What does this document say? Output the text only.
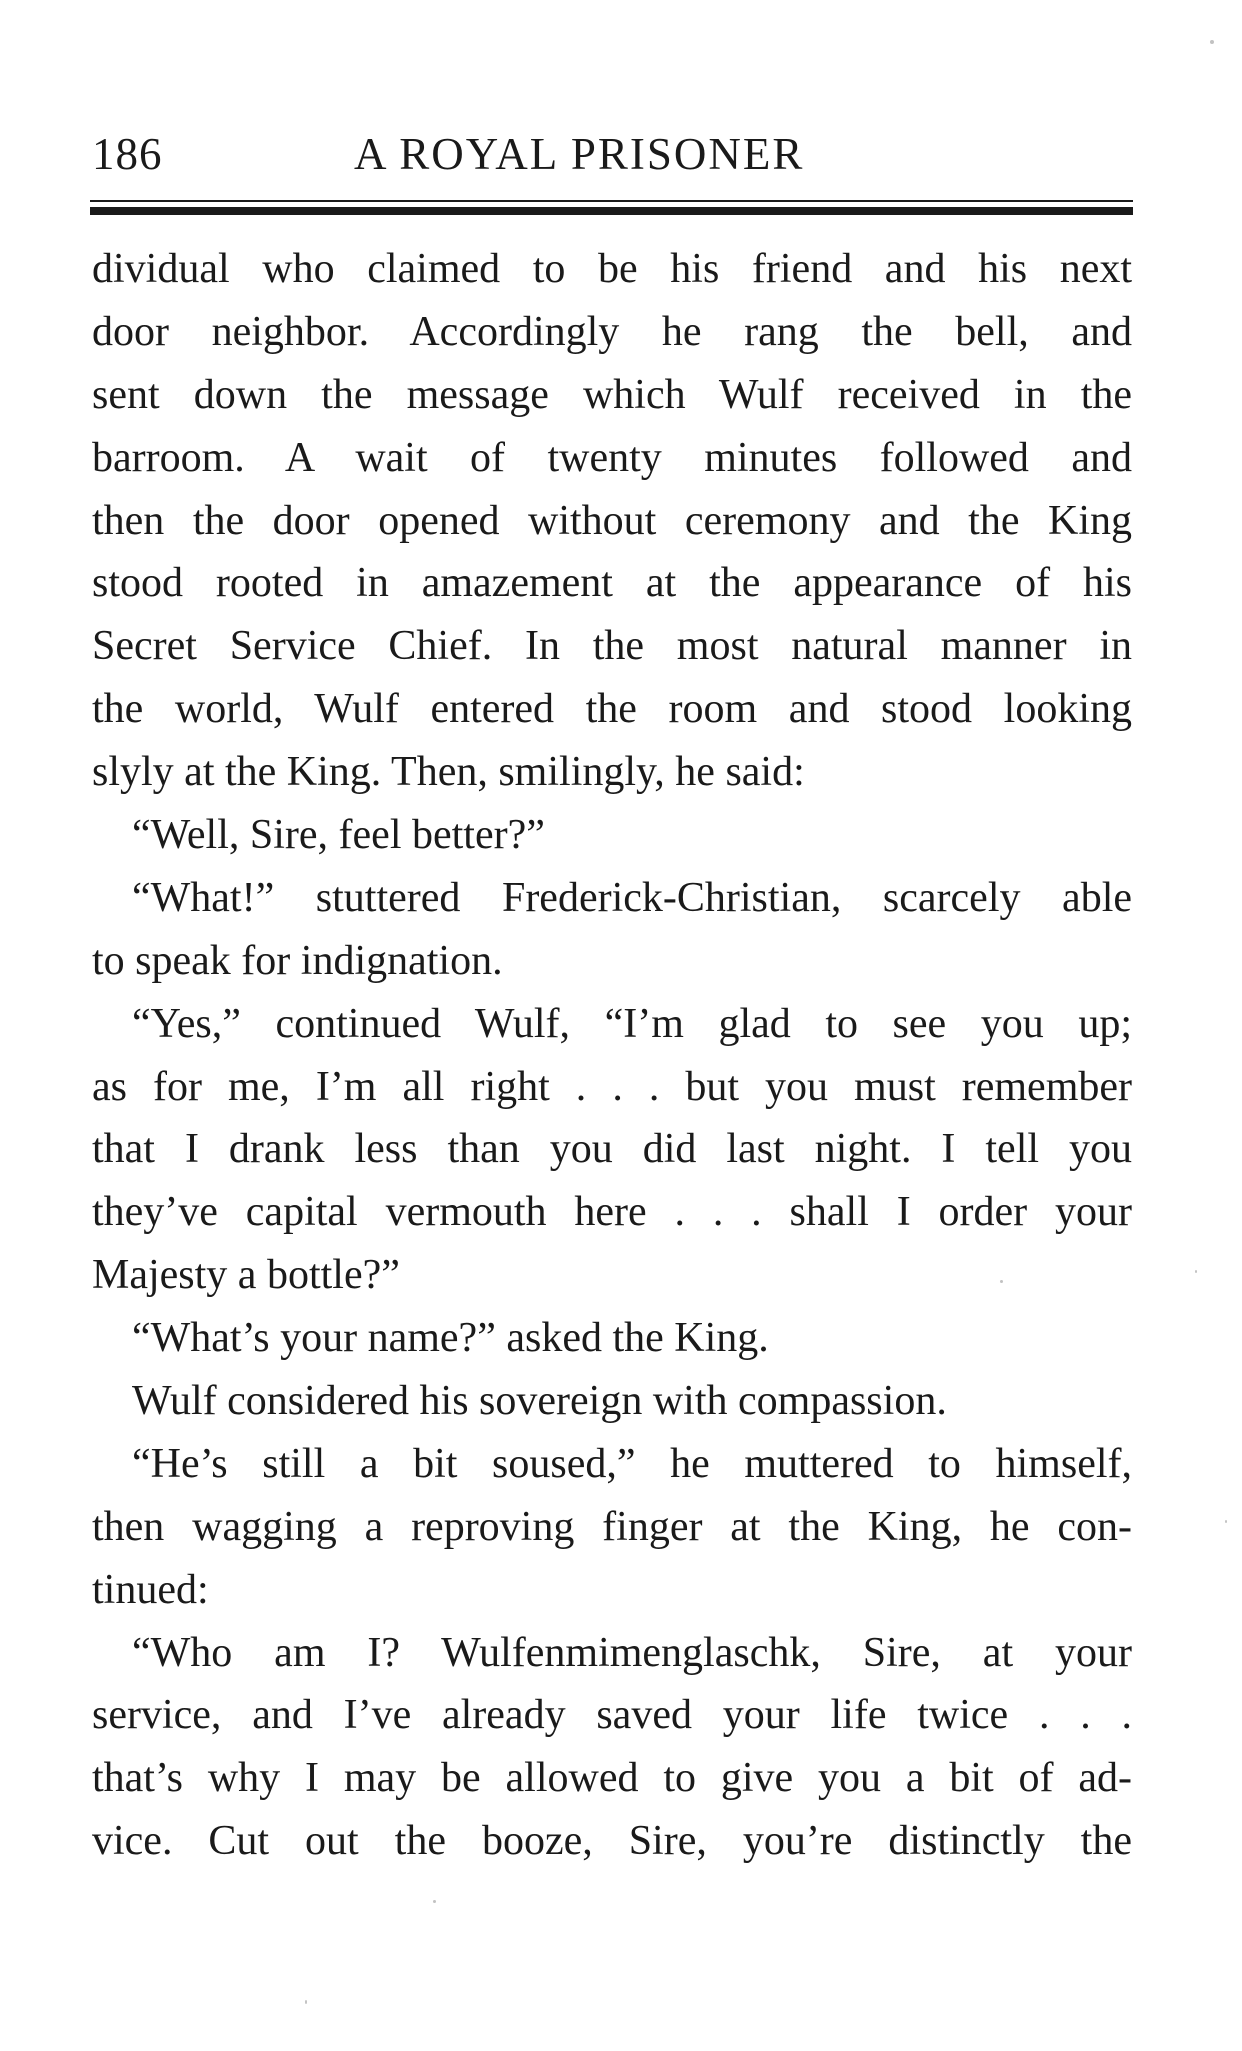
186	A ROYAL PRISONER
dividual who claimed to be his friend and his next
door neighbor. Accordingly he rang the bell, and
sent down the message which Wulf received in the
barroom. A wait of twenty minutes followed and
then the door opened without ceremony and the King
stood rooted in amazement at the appearance of his
Secret Service Chief. In the most natural manner in
the world, Wulf entered the room and stood looking
slyly at the King. Then, smilingly, he said:
“Well, Sire, feel better?”
“What!” stuttered Frederick-Christian, scarcely able
to speak for indignation.
“Yes,” continued Wulf, “I’m glad to see you up;
as for me, I’m all right . . . but you must remember
that I drank less than you did last night. I tell you
they’ve capital vermouth here . . . shall I order your
Majesty a bottle?”
“What’s your name?” asked the King.
Wulf considered his sovereign with compassion.
“He’s still a bit soused,” he muttered to himself,
then wagging a reproving finger at the King, he con-
tinued:
“Who am I? Wulfenmimenglaschk, Sire, at your
service, and I’ve already saved your life twice . . .
that’s why I may be allowed to give you a bit of ad-
vice. Cut out the booze, Sire, you’re distinctly the
